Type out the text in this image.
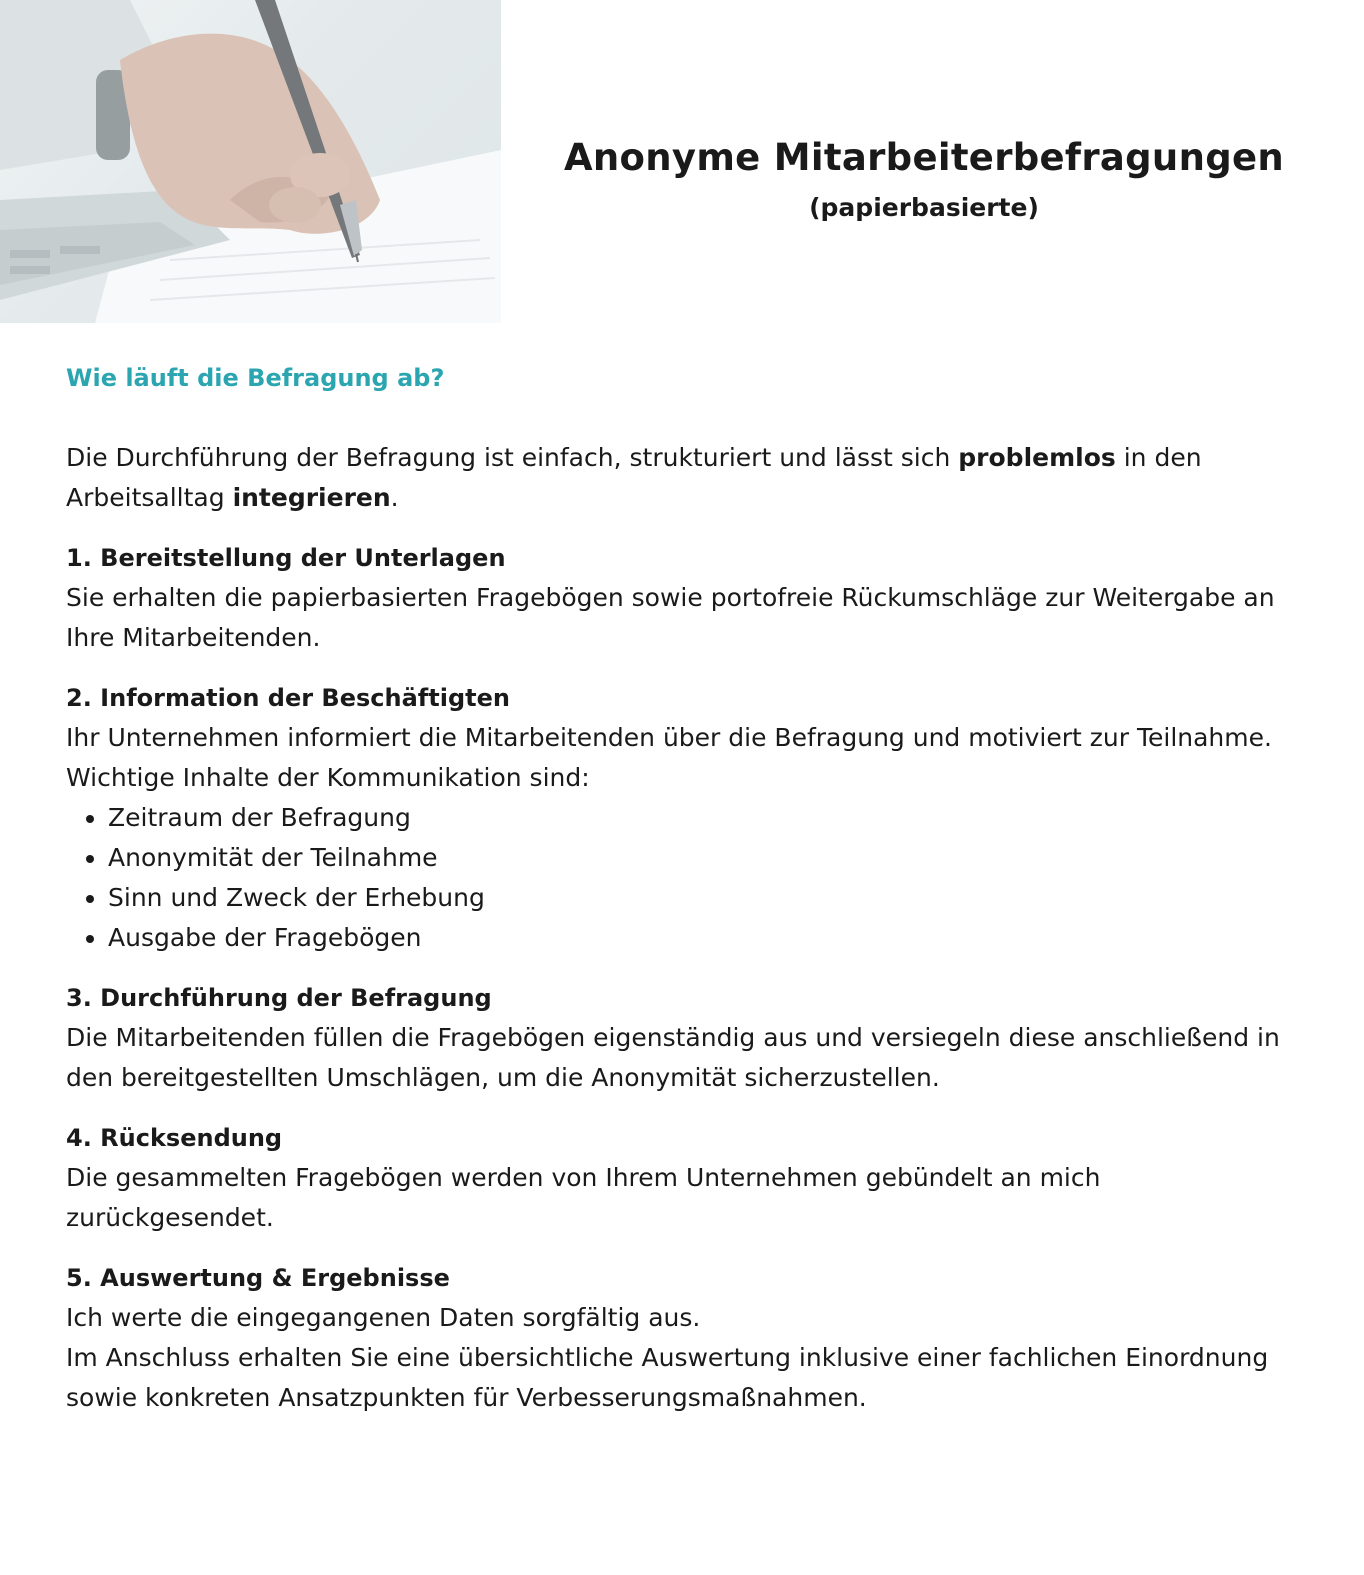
Anonyme Mitarbeiterbefragungen
(papierbasierte)
Wie läuft die Befragung ab?

Die Durchführung der Befragung ist einfach, strukturiert und lässt sich problemlos in den Arbeitsalltag integrieren.

1. Bereitstellung der Unterlagen

Sie erhalten die papierbasierten Fragebögen sowie portofreie Rückumschläge zur Weitergabe an Ihre Mitarbeitenden.

2. Information der Beschäftigten

Ihr Unternehmen informiert die Mitarbeitenden über die Befragung und motiviert zur Teilnahme.

Wichtige Inhalte der Kommunikation sind:

• Zeitraum der Befragung
• Anonymität der Teilnahme
• Sinn und Zweck der Erhebung
• Ausgabe der Fragebögen
3. Durchführung der Befragung

Die Mitarbeitenden füllen die Fragebögen eigenständig aus und versiegeln diese anschließend in den bereitgestellten Umschlägen, um die Anonymität sicherzustellen.

4. Rücksendung

Die gesammelten Fragebögen werden von Ihrem Unternehmen gebündelt an mich zurückgesendet.

5. Auswertung & Ergebnisse

Ich werte die eingegangenen Daten sorgfältig aus.

Im Anschluss erhalten Sie eine übersichtliche Auswertung inklusive einer fachlichen Einordnung sowie konkreten Ansatzpunkten für Verbesserungsmaßnahmen.
